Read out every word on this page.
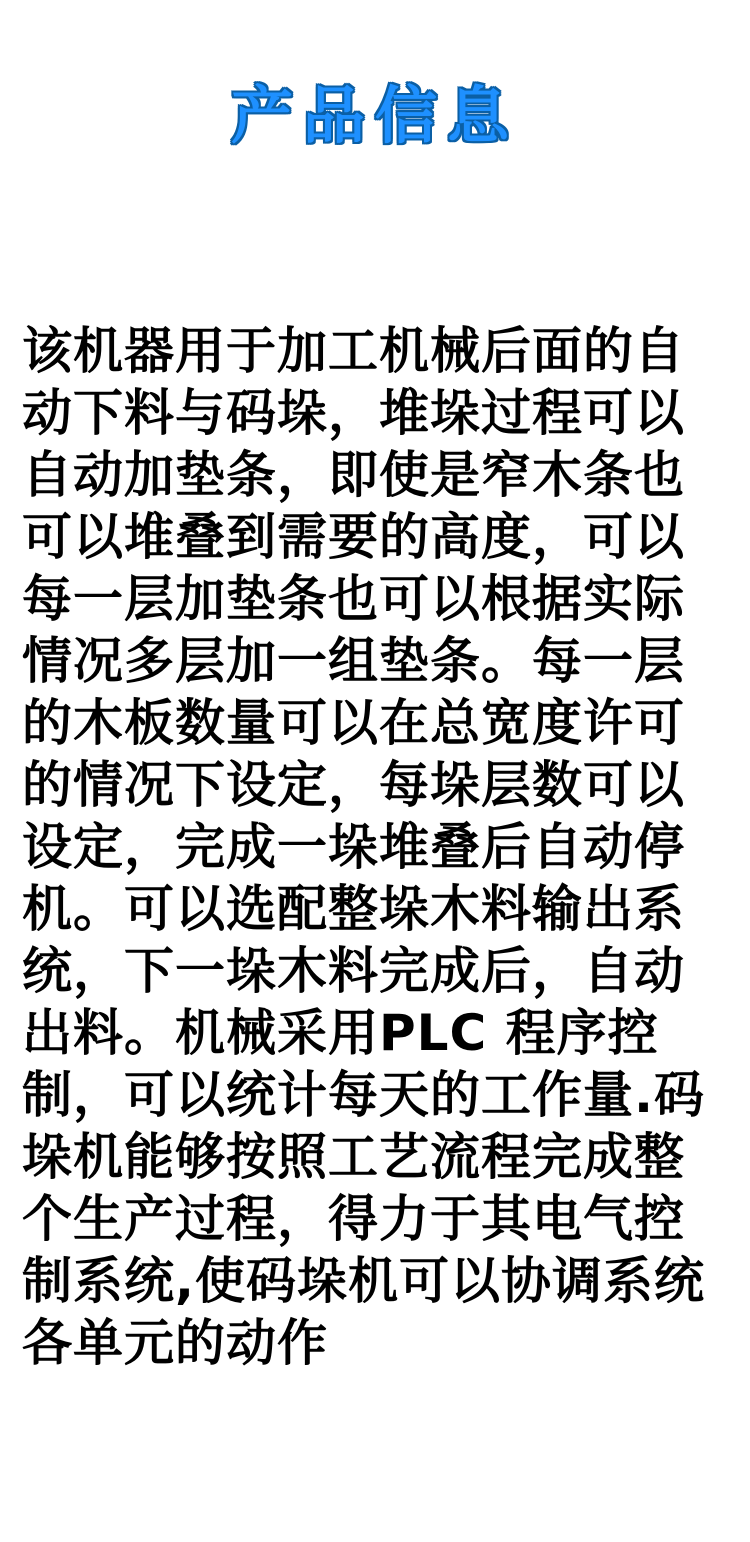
产品信息

该机器用于加工机械后面的自动下料与码垛，堆垛过程可以自动加垫条，即使是窄木条也可以堆叠到需要的高度，可以每一层加垫条也可以根据实际情况多层加一组垫条。每一层的木板数量可以在总宽度许可的情况下设定，每垛层数可以设定，完成一垛堆叠后自动停机。可以选配整垛木料输出系统，下一垛木料完成后，自动出料。机械采用PLC 程序控制，可以统计每天的工作量.码垛机能够按照工艺流程完成整个生产过程，得力于其电气控制系统,使码垛机可以协调系统各单元的动作
